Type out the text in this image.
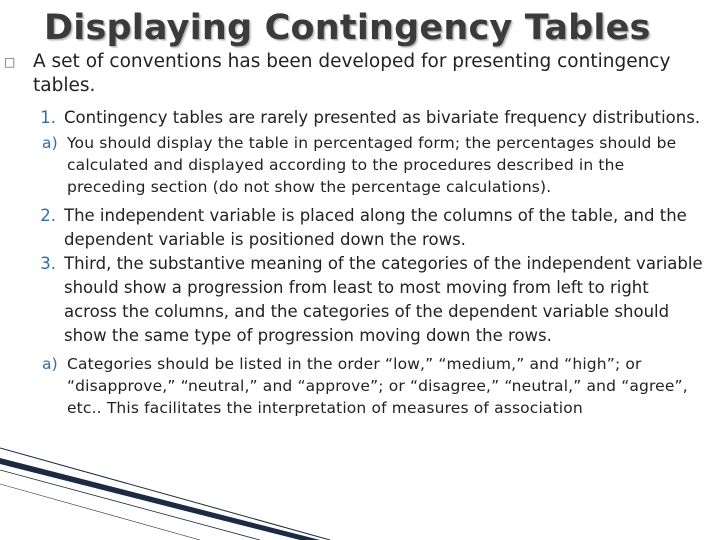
Displaying Contingency Tables
□ A set of conventions has been developed for presenting contingency tables.
1. Contingency tables are rarely presented as bivariate frequency distributions.
a) You should display the table in percentaged form; the percentages should be calculated and displayed according to the procedures described in the preceding section (do not show the percentage calculations).
2. The independent variable is placed along the columns of the table, and the dependent variable is positioned down the rows.
3. Third, the substantive meaning of the categories of the independent variable should show a progression from least to most moving from left to right across the columns, and the categories of the dependent variable should show the same type of progression moving down the rows.
a) Categories should be listed in the order “low,” “medium,” and “high”; or “disapprove,” “neutral,” and “approve”; or “disagree,” “neutral,” and “agree”, etc.. This facilitates the interpretation of measures of association
